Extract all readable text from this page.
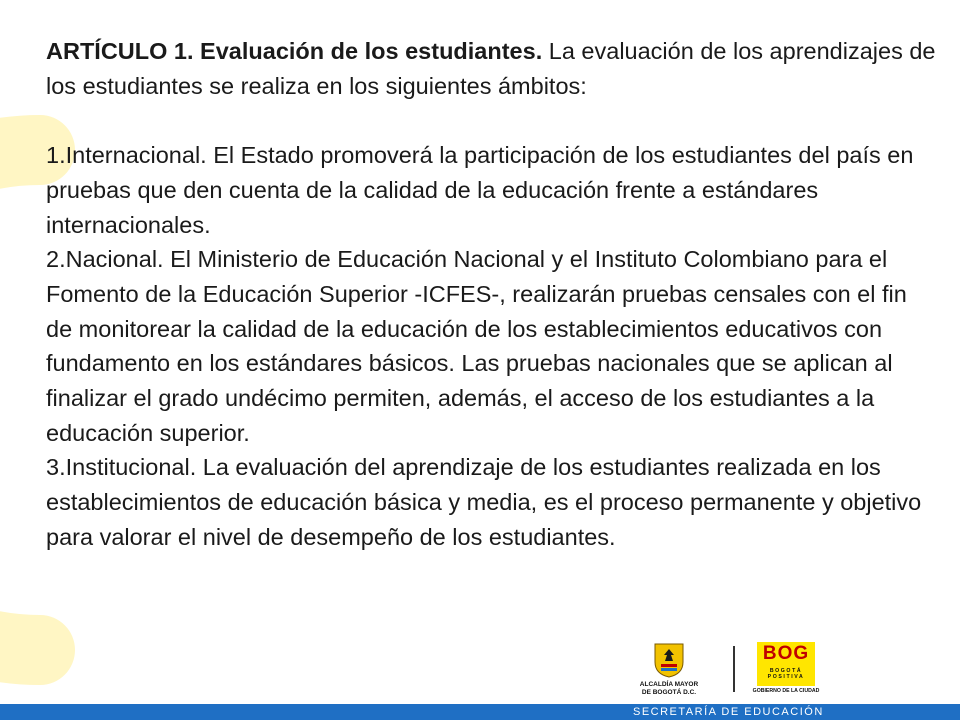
ARTÍCULO 1. Evaluación de los estudiantes. La evaluación de los aprendizajes de los estudiantes se realiza en los siguientes ámbitos:

1.Internacional. El Estado promoverá la participación de los estudiantes del país en pruebas que den cuenta de la calidad de la educación frente a estándares internacionales.

2.Nacional. El Ministerio de Educación Nacional y el Instituto Colombiano para el Fomento de la Educación Superior -ICFES-, realizarán pruebas censales con el fin de monitorear la calidad de la educación de los establecimientos educativos con fundamento en los estándares básicos. Las pruebas nacionales que se aplican al finalizar el grado undécimo permiten, además, el acceso de los estudiantes a la educación superior.

3.Institucional. La evaluación del aprendizaje de los estudiantes realizada en los establecimientos de educación básica y media, es el proceso permanente y objetivo para valorar el nivel de desempeño de los estudiantes.

ALCALDÍA MAYOR
DE BOGOTÁ D.C.
BOG
BOGOTÁ POSITIVA
GOBIERNO DE LA CIUDAD
SECRETARÍA DE EDUCACIÓN
